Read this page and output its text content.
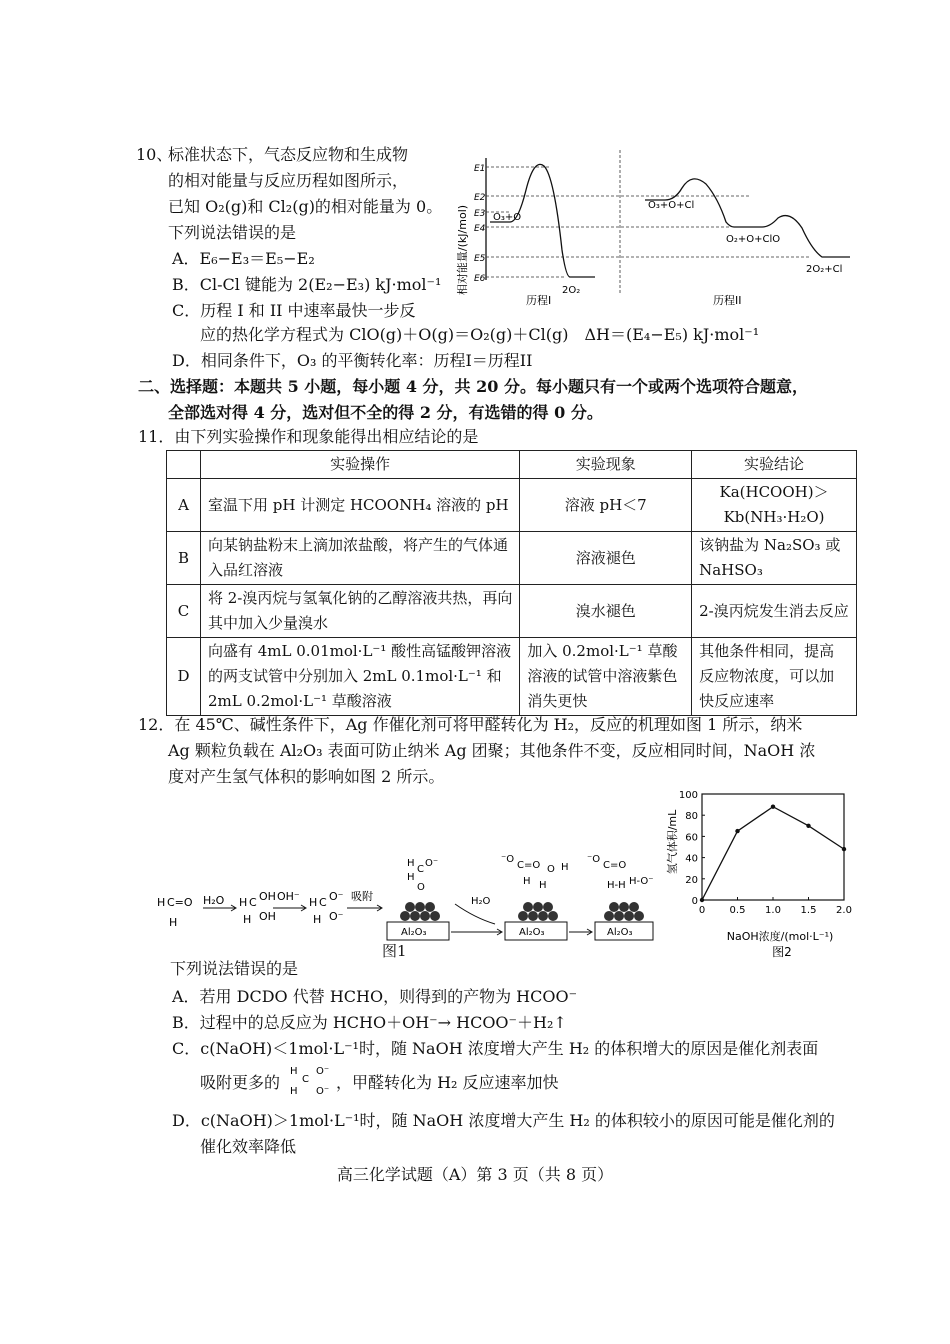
10、
标准状态下，气态反应物和生成物
的相对能量与反应历程如图所示，
已知 O₂(g)和 Cl₂(g)的相对能量为 0。
下列说法错误的是
A．E₆−E₃＝E₅−E₂
B．Cl-Cl 键能为 2(E₂−E₃) kJ·mol⁻¹
C．历程 I 和 II 中速率最快一步反
应的热化学方程式为 ClO(g)＋O(g)＝O₂(g)＋Cl(g)　ΔH＝(E₄−E₅) kJ·mol⁻¹
D．相同条件下，O₃ 的平衡转化率：历程I＝历程II
相对能量/(kJ/mol)
E1
E2
E3
E4
E5
E6
O₃+O
2O₂
O₃+O+Cl
O₂+O+ClO
2O₂+Cl
历程I	历程II
二、选择题：本题共 5 小题，每小题 4 分，共 20 分。每小题只有一个或两个选项符合题意，
全部选对得 4 分，选对但不全的得 2 分，有选错的得 0 分。
11．由下列实验操作和现象能得出相应结论的是
	实验操作	实验现象	实验结论
A	室温下用 pH 计测定 HCOONH₄ 溶液的 pH	溶液 pH＜7	Ka(HCOOH)＞Kb(NH₃·H₂O)
B	向某钠盐粉末上滴加浓盐酸，将产生的气体通入品红溶液	溶液褪色	该钠盐为 Na₂SO₃ 或 NaHSO₃
C	将 2-溴丙烷与氢氧化钠的乙醇溶液共热，再向其中加入少量溴水	溴水褪色	2-溴丙烷发生消去反应
D	向盛有 4mL 0.01mol·L⁻¹ 酸性高锰酸钾溶液的两支试管中分别加入 2mL 0.1mol·L⁻¹ 和 2mL 0.2mol·L⁻¹ 草酸溶液	加入 0.2mol·L⁻¹ 草酸溶液的试管中溶液紫色消失更快	其他条件相同，提高反应物浓度，可以加快反应速率
12．在 45℃、碱性条件下，Ag 作催化剂可将甲醛转化为 H₂，反应的机理如图 1 所示，纳米
Ag 颗粒负载在 Al₂O₃ 表面可防止纳米 Ag 团聚；其他条件不变，反应相同时间，NaOH 浓
度对产生氢气体积的影响如图 2 所示。
H C=O
H
H₂O H C OH
OH
H
OH⁻ H C O⁻
O⁻
H
吸附
Al₂O₃	Al₂O₃	Al₂O₃
H
C
O⁻
H
O
H₂O
⁻O
C=O
H
O H
H
⁻O
C=O
H-H H-O⁻
图1
氢气体积/mL
0
20
40
60
80
100
0 0.5 1.0 1.5 2.0
NaOH浓度/(mol·L⁻¹)
图2
下列说法错误的是
A．若用 DCDO 代替 HCHO，则得到的产物为 HCOO⁻
B．过程中的总反应为 HCHO＋OH⁻→ HCOO⁻＋H₂↑
C．c(NaOH)＜1mol·L⁻¹时，随 NaOH 浓度增大产生 H₂ 的体积增大的原因是催化剂表面
吸附更多的
H
C
O⁻
O⁻
H ，甲醛转化为 H₂ 反应速率加快
D．c(NaOH)＞1mol·L⁻¹时，随 NaOH 浓度增大产生 H₂ 的体积较小的原因可能是催化剂的
催化效率降低
高三化学试题（A）第 3 页（共 8 页）
